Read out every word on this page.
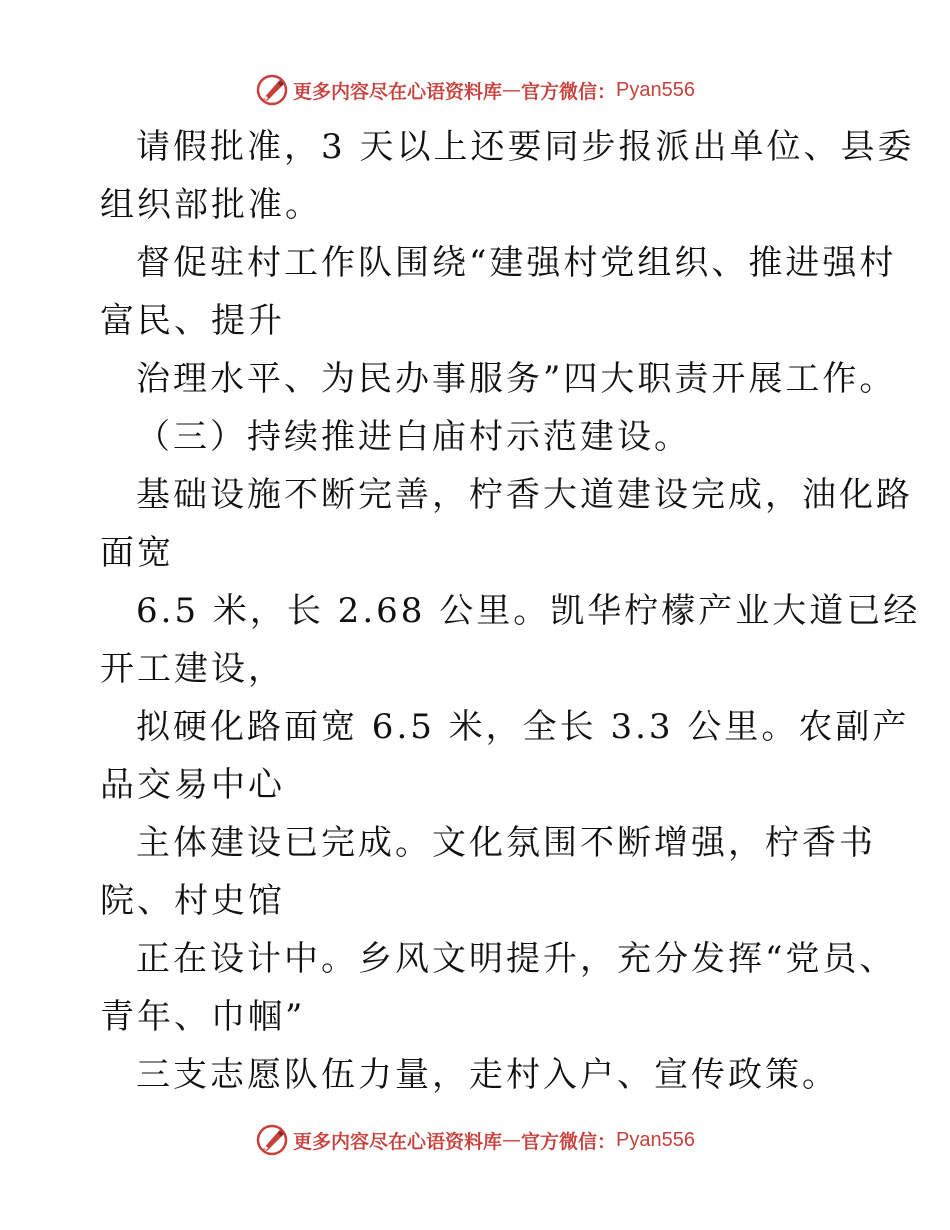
更多内容尽在心语资料库 — 官方微信： Pyan556
请假批准，3 天以上还要同步报派出单位、县委
组织部批准。
督促驻村工作队围绕“建强村党组织、推进强村
富民、提升
治理水平、为民办事服务”四大职责开展工作。
（三）持续推进白庙村示范建设。
基础设施不断完善，柠香大道建设完成，油化路
面宽
6.5 米，长 2.68 公里。凯华柠檬产业大道已经
开工建设，
拟硬化路面宽 6.5 米，全长 3.3 公里。农副产
品交易中心
主体建设已完成。文化氛围不断增强，柠香书
院、村史馆
正在设计中。乡风文明提升，充分发挥“党员、
青年、巾帼”
三支志愿队伍力量，走村入户、宣传政策。
更多内容尽在心语资料库 — 官方微信： Pyan556
